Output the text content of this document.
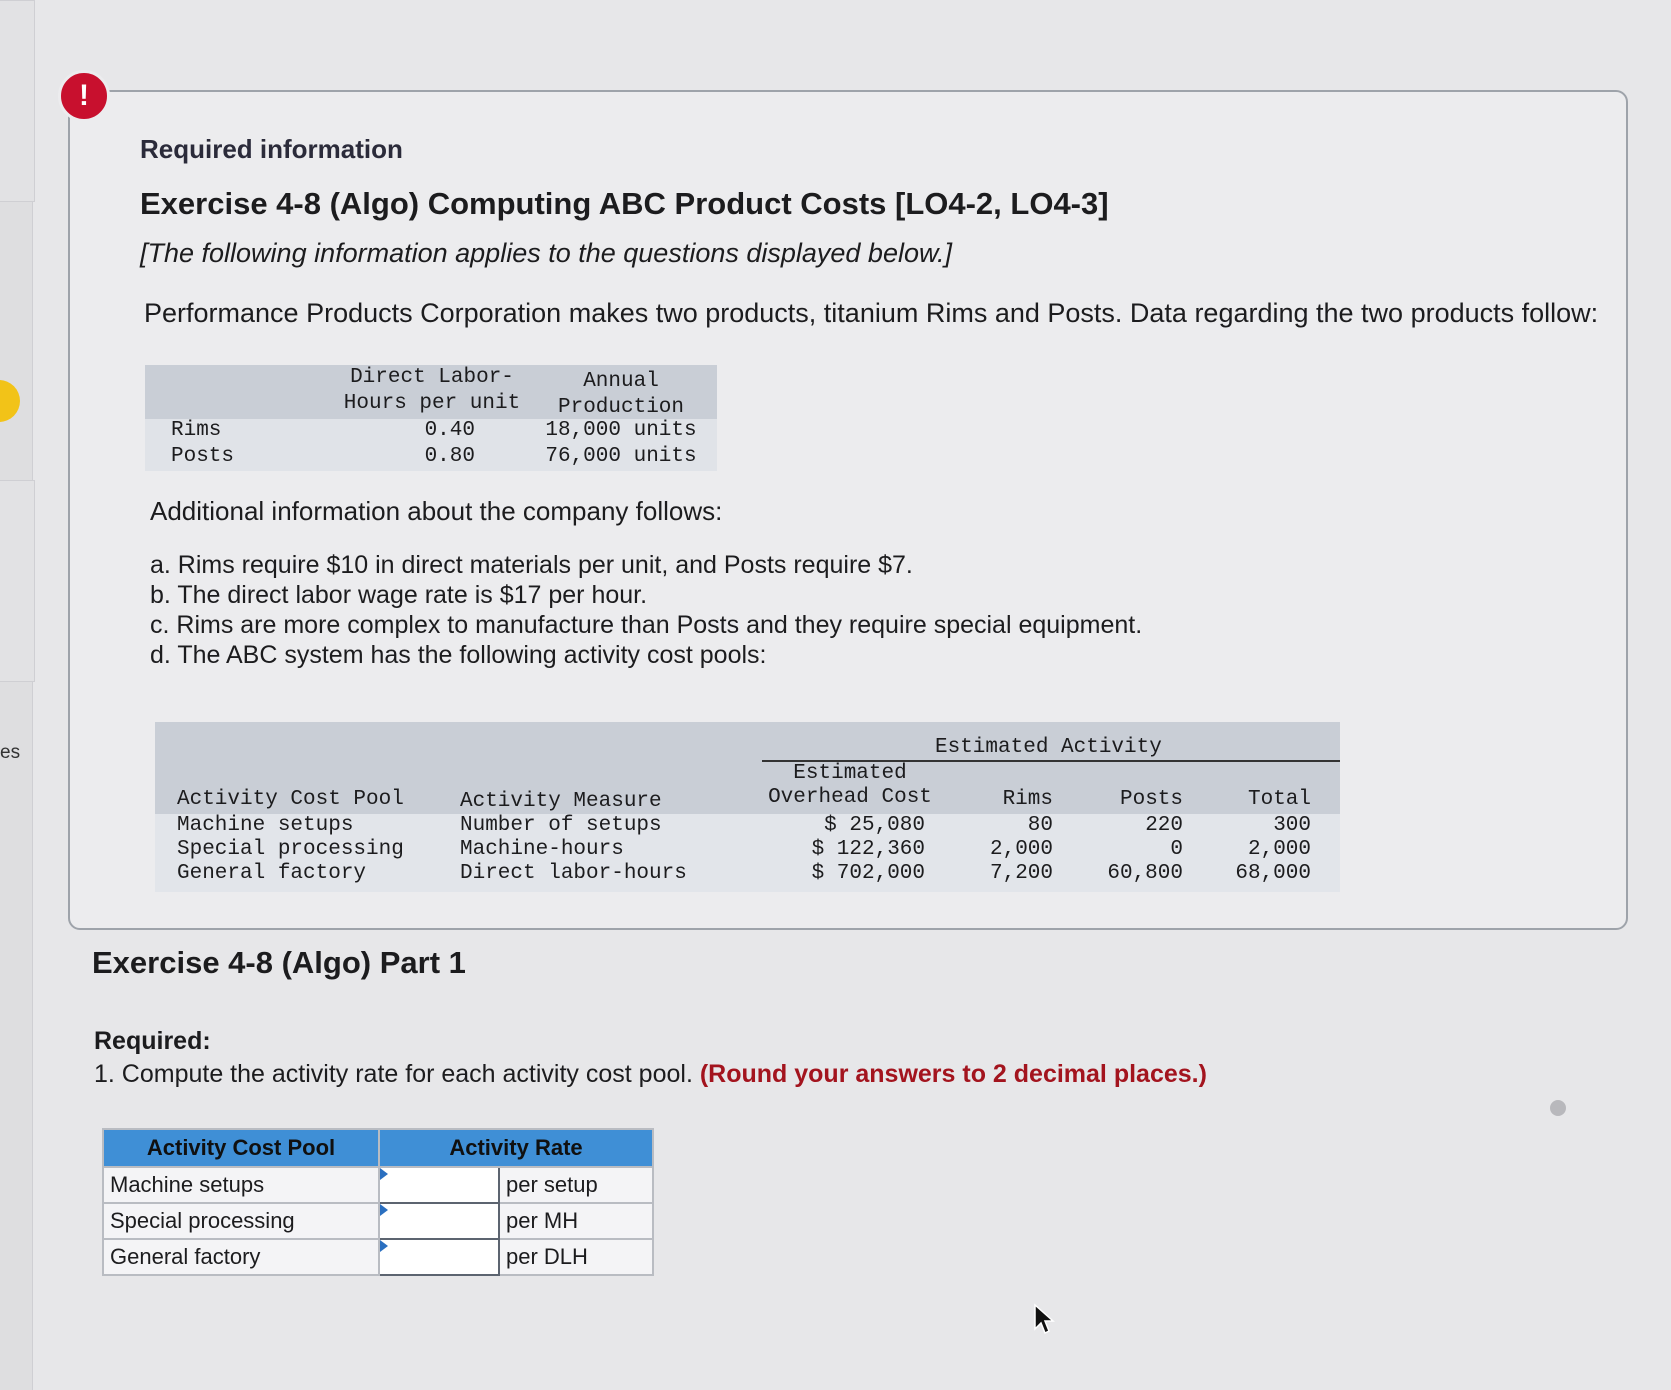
es
!
Required information
Exercise 4-8 (Algo) Computing ABC Product Costs [LO4-2, LO4-3]
[The following information applies to the questions displayed below.]
Performance Products Corporation makes two products, titanium Rims and Posts. Data regarding the two products follow:
Direct Labor-
Hours per unit
Annual
Production
Rims	0.40	18,000 units
Posts	0.80	76,000 units
Additional information about the company follows:
a. Rims require $10 in direct materials per unit, and Posts require $7.
b. The direct labor wage rate is $17 per hour.
c. Rims are more complex to manufacture than Posts and they require special equipment.
d. The ABC system has the following activity cost pools:
Estimated Activity
Activity Cost Pool	Activity Measure
Estimated
Overhead Cost	Rims	Posts	Total
Machine setups	Number of setups	$ 25,080	80	220	300
Special processing	Machine-hours	$ 122,360	2,000	0	2,000
General factory	Direct labor-hours	$ 702,000	7,200	60,800	68,000
Exercise 4-8 (Algo) Part 1
Required:
1. Compute the activity rate for each activity cost pool. (Round your answers to 2 decimal places.)
Activity Cost Pool	Activity Rate	
Machine setups		per setup
Special processing		per MH
General factory		per DLH
